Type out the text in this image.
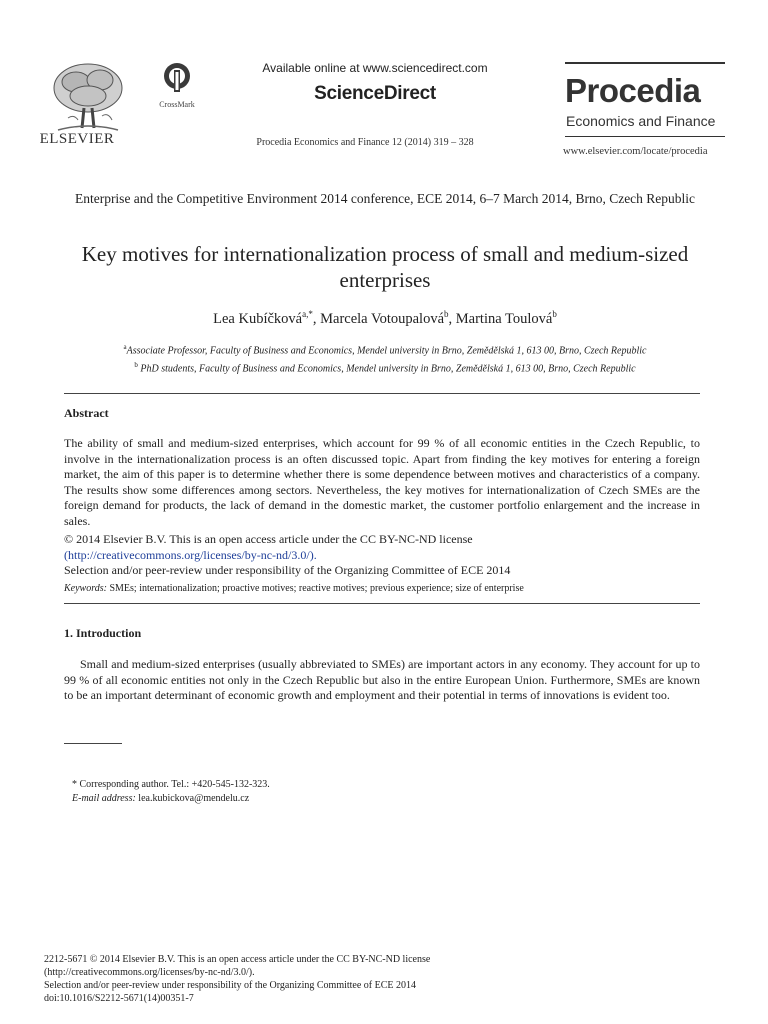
ELSEVIER
CrossMark
Available online at www.sciencedirect.com
ScienceDirect
Procedia Economics and Finance 12 (2014) 319 – 328
Procedia
Economics and Finance
www.elsevier.com/locate/procedia
Enterprise and the Competitive Environment 2014 conference, ECE 2014, 6–7 March 2014, Brno, Czech Republic
Key motives for internationalization process of small and medium-sized enterprises
Lea Kubíčková$^{a,*}$, Marcela Votoupalová$^b$, Martina Toulová$^b$
$^a$Associate Professor, Faculty of Business and Economics, Mendel university in Brno, Zemědělská 1, 613 00, Brno, Czech Republic
$^b$ PhD students, Faculty of Business and Economics, Mendel university in Brno, Zemědělská 1, 613 00, Brno, Czech Republic
Abstract
The ability of small and medium-sized enterprises, which account for 99 % of all economic entities in the Czech Republic, to involve in the internationalization process is an often discussed topic. Apart from finding the key motives for entering a foreign market, the aim of this paper is to determine whether there is some dependence between motives and characteristics of a company. The results show some differences among sectors. Nevertheless, the key motives for internationalization of Czech SMEs are the foreign demand for products, the lack of demand in the domestic market, the customer portfolio enlargement and the increase in sales.
© 2014 Elsevier B.V. This is an open access article under the CC BY-NC-ND license
(http://creativecommons.org/licenses/by-nc-nd/3.0/).
Selection and/or peer-review under responsibility of the Organizing Committee of ECE 2014
Keywords: SMEs; internationalization; proactive motives; reactive motives; previous experience; size of enterprise
1. Introduction
Small and medium-sized enterprises (usually abbreviated to SMEs) are important actors in any economy. They account for up to 99 % of all economic entities not only in the Czech Republic but also in the entire European Union. Furthermore, SMEs are known to be an important determinant of economic growth and employment and their potential in terms of innovations is evident too.
* Corresponding author. Tel.: +420-545-132-323.
E-mail address: lea.kubickova@mendelu.cz
2212-5671 © 2014 Elsevier B.V. This is an open access article under the CC BY-NC-ND license
(http://creativecommons.org/licenses/by-nc-nd/3.0/).
Selection and/or peer-review under responsibility of the Organizing Committee of ECE 2014
doi:10.1016/S2212-5671(14)00351-7
